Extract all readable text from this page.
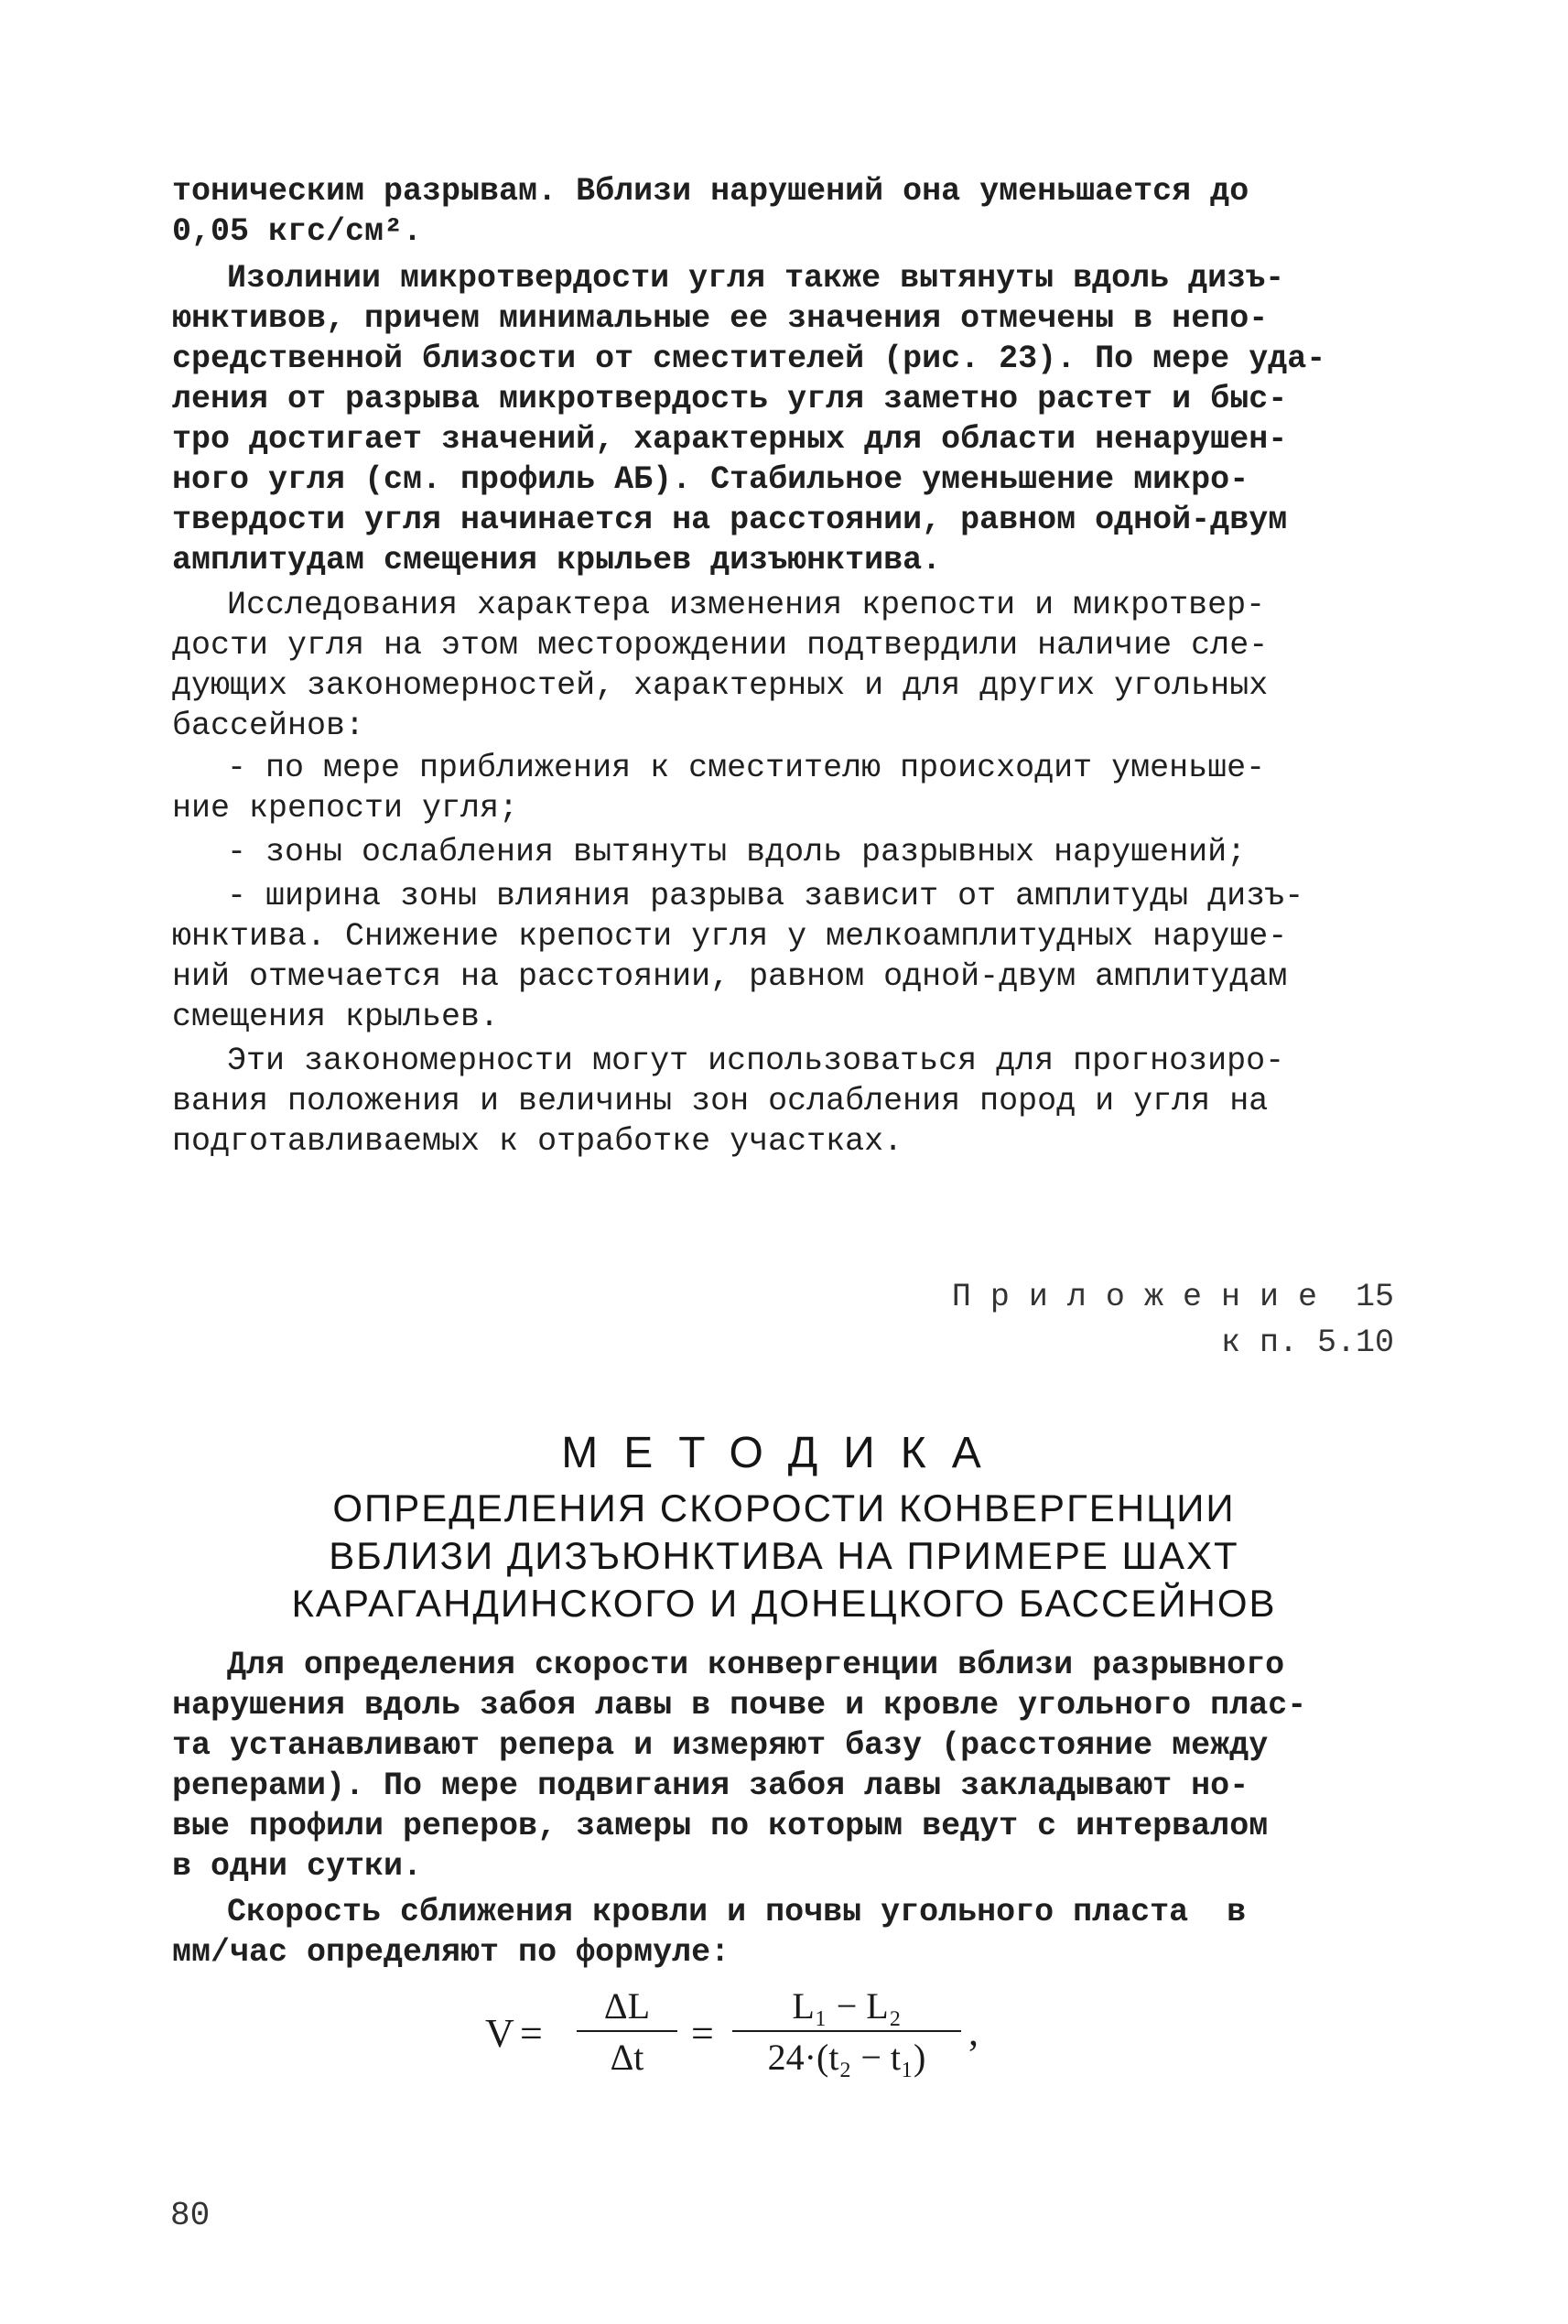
тоническим разрывам. Вблизи нарушений она уменьшается до
0,05 кгс/см².
Изолинии микротвердости угля также вытянуты вдоль дизъ-
юнктивов, причем минимальные ее значения отмечены в непо-
средственной близости от сместителей (рис. 23). По мере уда-
ления от разрыва микротвердость угля заметно растет и быс-
тро достигает значений, характерных для области ненарушен-
ного угля (см. профиль АБ). Стабильное уменьшение микро-
твердости угля начинается на расстоянии, равном одной-двум
амплитудам смещения крыльев дизъюнктива.
Исследования характера изменения крепости и микротвер-
дости угля на этом месторождении подтвердили наличие сле-
дующих закономерностей, характерных и для других угольных
бассейнов:
- по мере приближения к сместителю происходит уменьше-
ние крепости угля;
- зоны ослабления вытянуты вдоль разрывных нарушений;
- ширина зоны влияния разрыва зависит от амплитуды дизъ-
юнктива. Снижение крепости угля у мелкоамплитудных наруше-
ний отмечается на расстоянии, равном одной-двум амплитудам
смещения крыльев.
Эти закономерности могут использоваться для прогнозиро-
вания положения и величины зон ослабления пород и угля на
подготавливаемых к отработке участках.
П р и л о ж е н и е  15
к п. 5.10
МЕТОДИКА
ОПРЕДЕЛЕНИЯ СКОРОСТИ КОНВЕРГЕНЦИИ
ВБЛИЗИ ДИЗЪЮНКТИВА НА ПРИМЕРЕ ШАХТ
КАРАГАНДИНСКОГО И ДОНЕЦКОГО БАССЕЙНОВ
Для определения скорости конвергенции вблизи разрывного
нарушения вдоль забоя лавы в почве и кровле угольного плас-
та устанавливают репера и измеряют базу (расстояние между
реперами). По мере подвигания забоя лавы закладывают но-
вые профили реперов, замеры по которым ведут с интервалом
в одни сутки.
Скорость сближения кровли и почвы угольного пласта  в
мм/час определяют по формуле:
V =
ΔL
Δt
=
L₁ − L₂
24·(t₂ − t₁)
,
80
